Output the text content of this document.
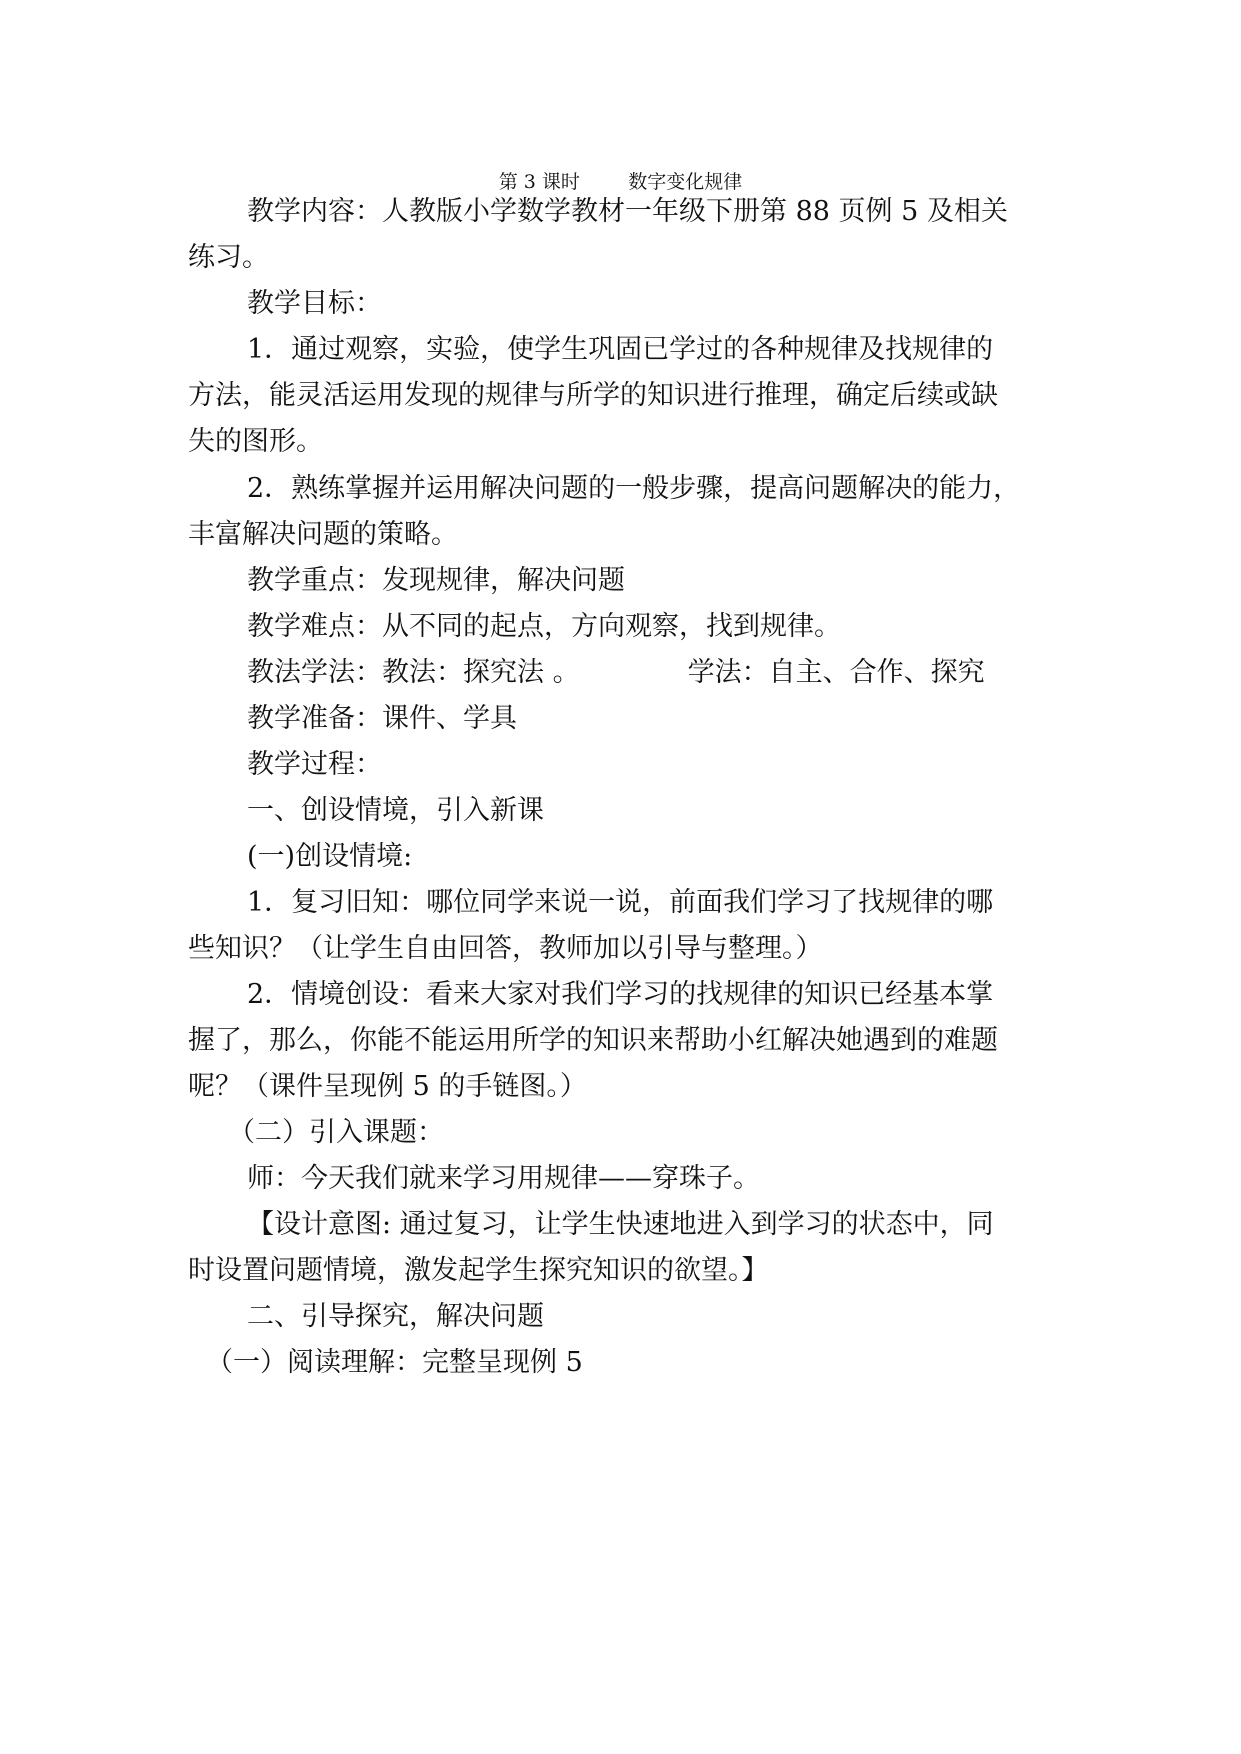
第 3 课时        数字变化规律
教学内容：人教版小学数学教材一年级下册第 88 页例 5 及相关
练习。
教学目标：
1．通过观察，实验，使学生巩固已学过的各种规律及找规律的
方法，能灵活运用发现的规律与所学的知识进行推理，确定后续或缺
失的图形。
2．熟练掌握并运用解决问题的一般步骤，提高问题解决的能力，
丰富解决问题的策略。
教学重点：发现规律，解决问题
教学难点：从不同的起点，方向观察，找到规律。
教法学法：教法：探究法 。	学法：自主、合作、探究
教学准备：课件、学具
教学过程：
一、创设情境，引入新课
(一)创设情境:
1．复习旧知：哪位同学来说一说，前面我们学习了找规律的哪
些知识？（让学生自由回答，教师加以引导与整理。）
2．情境创设：看来大家对我们学习的找规律的知识已经基本掌
握了，那么，你能不能运用所学的知识来帮助小红解决她遇到的难题
呢？（课件呈现例 5 的手链图。）
（二）引入课题：
师：今天我们就来学习用规律——穿珠子。
【设计意图: 通过复习，让学生快速地进入到学习的状态中，同
时设置问题情境，激发起学生探究知识的欲望。】
二、引导探究，解决问题
（一）阅读理解：完整呈现例 5
